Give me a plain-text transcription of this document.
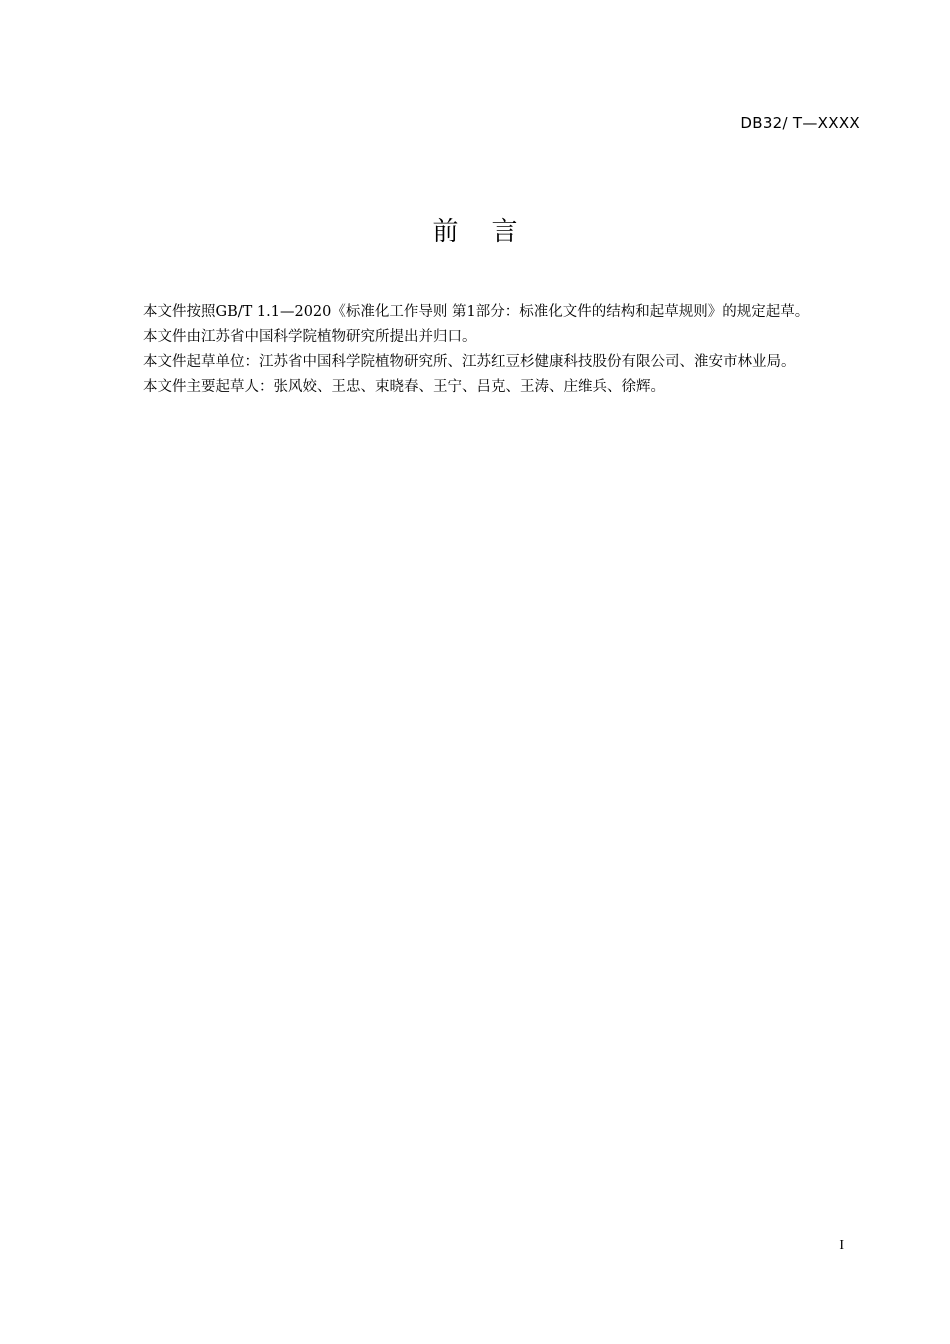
DB32/ T—XXXX
前    言

本文件按照GB/T 1.1—2020《标准化工作导则 第1部分：标准化文件的结构和起草规则》的规定起草。

本文件由江苏省中国科学院植物研究所提出并归口。

本文件起草单位：江苏省中国科学院植物研究所、江苏红豆杉健康科技股份有限公司、淮安市林业局。

本文件主要起草人：张风姣、王忠、束晓春、王宁、吕克、王涛、庄维兵、徐辉。

I
